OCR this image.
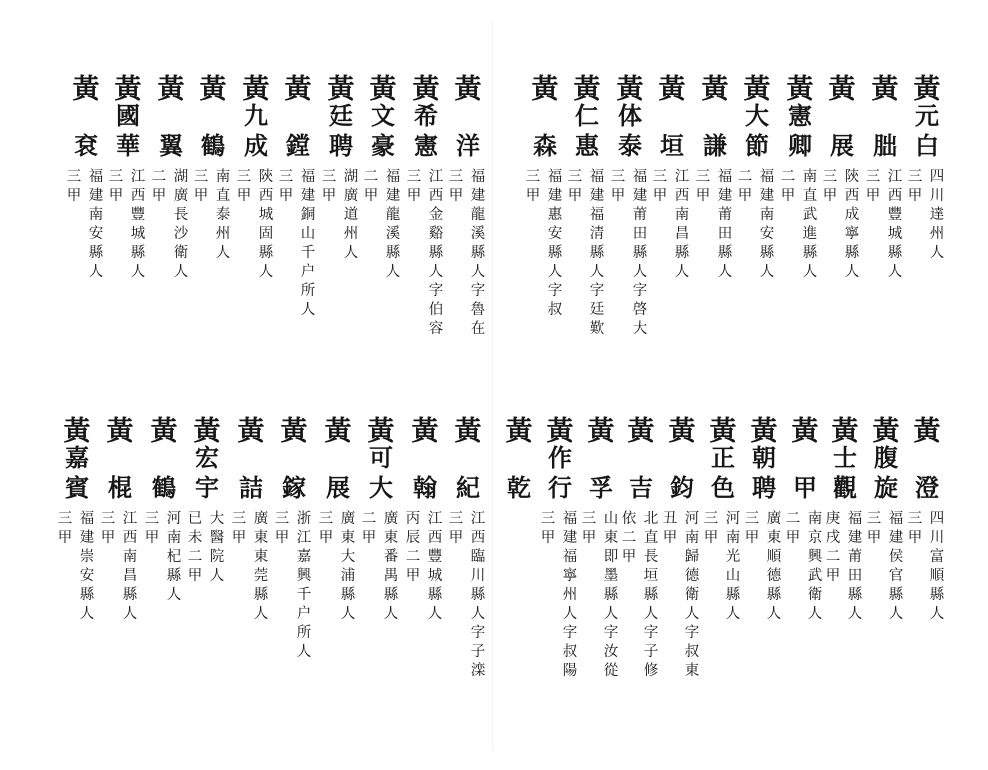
黃
元
白
四
川
達
州
人
三
甲
黃
朏
江
西
豐
城
縣
人
三
甲
黃
展
陝
西
成
寧
縣
人
三
甲
黃
憲
卿
南
直
武
進
縣
人
二
甲
黃
大
節
福
建
南
安
縣
人
二
甲
黃
謙
福
建
莆
田
縣
人
三
甲
黃
垣
江
西
南
昌
縣
人
三
甲
黃
体
泰
福
建
莆
田
縣
人
字
啓
大
三
甲
黃
仁
惠
福
建
福
清
縣
人
字
廷
歎
三
甲
黃
森
福
建
惠
安
縣
人
字
叔
三
甲
黃
洋
福
建
龍
溪
縣
人
字
魯
在
三
甲
黃
希
憲
江
西
金
谿
縣
人
字
伯
容
三
甲
黃
文
豪
福
建
龍
溪
縣
人
二
甲
黃
廷
聘
湖
廣
道
州
人
三
甲
黃
鏜
福
建
銅
山
千
户
所
人
三
甲
黃
九
成
陝
西
城
固
縣
人
三
甲
黃
鶴
南
直
泰
州
人
三
甲
黃
翼
湖
廣
長
沙
衛
人
二
甲
黃
國
華
江
西
豐
城
縣
人
三
甲
黃
袞
福
建
南
安
縣
人
三
甲
黃
澄
四
川
富
順
縣
人
三
甲
黃
腹
旋
福
建
侯
官
縣
人
三
甲
黃
士
觀
福
建
莆
田
縣
人
庚
戌
二
甲
黃
甲
南
京
興
武
衛
人
二
甲
黃
朝
聘
廣
東
順
德
縣
人
三
甲
黃
正
色
河
南
光
山
縣
人
三
甲
黃
鈞
河
南
歸
德
衛
人
字
叔
東
丑
甲
黃
吉
北
直
長
垣
縣
人
字
子
修
依
二
甲
黃
孚
山
東
即
墨
縣
人
字
汝
從
三
甲
黃
作
行
福
建
福
寧
州
人
字
叔
陽
三
甲
黃
乾
黃
紀
江
西
臨
川
縣
人
字
子
滦
三
甲
黃
翰
江
西
豐
城
縣
人
丙
辰
二
甲
黃
可
大
廣
東
番
禺
縣
人
二
甲
黃
展
廣
東
大
浦
縣
人
三
甲
黃
鎵
浙
江
嘉
興
千
户
所
人
三
甲
黃
詰
廣
東
東
莞
縣
人
三
甲
黃
宏
宇
大
醫
院
人
已
未
二
甲
黃
鶴
河
南
杞
縣
人
三
甲
黃
棍
江
西
南
昌
縣
人
三
甲
黃
嘉
賓
福
建
崇
安
縣
人
三
甲
